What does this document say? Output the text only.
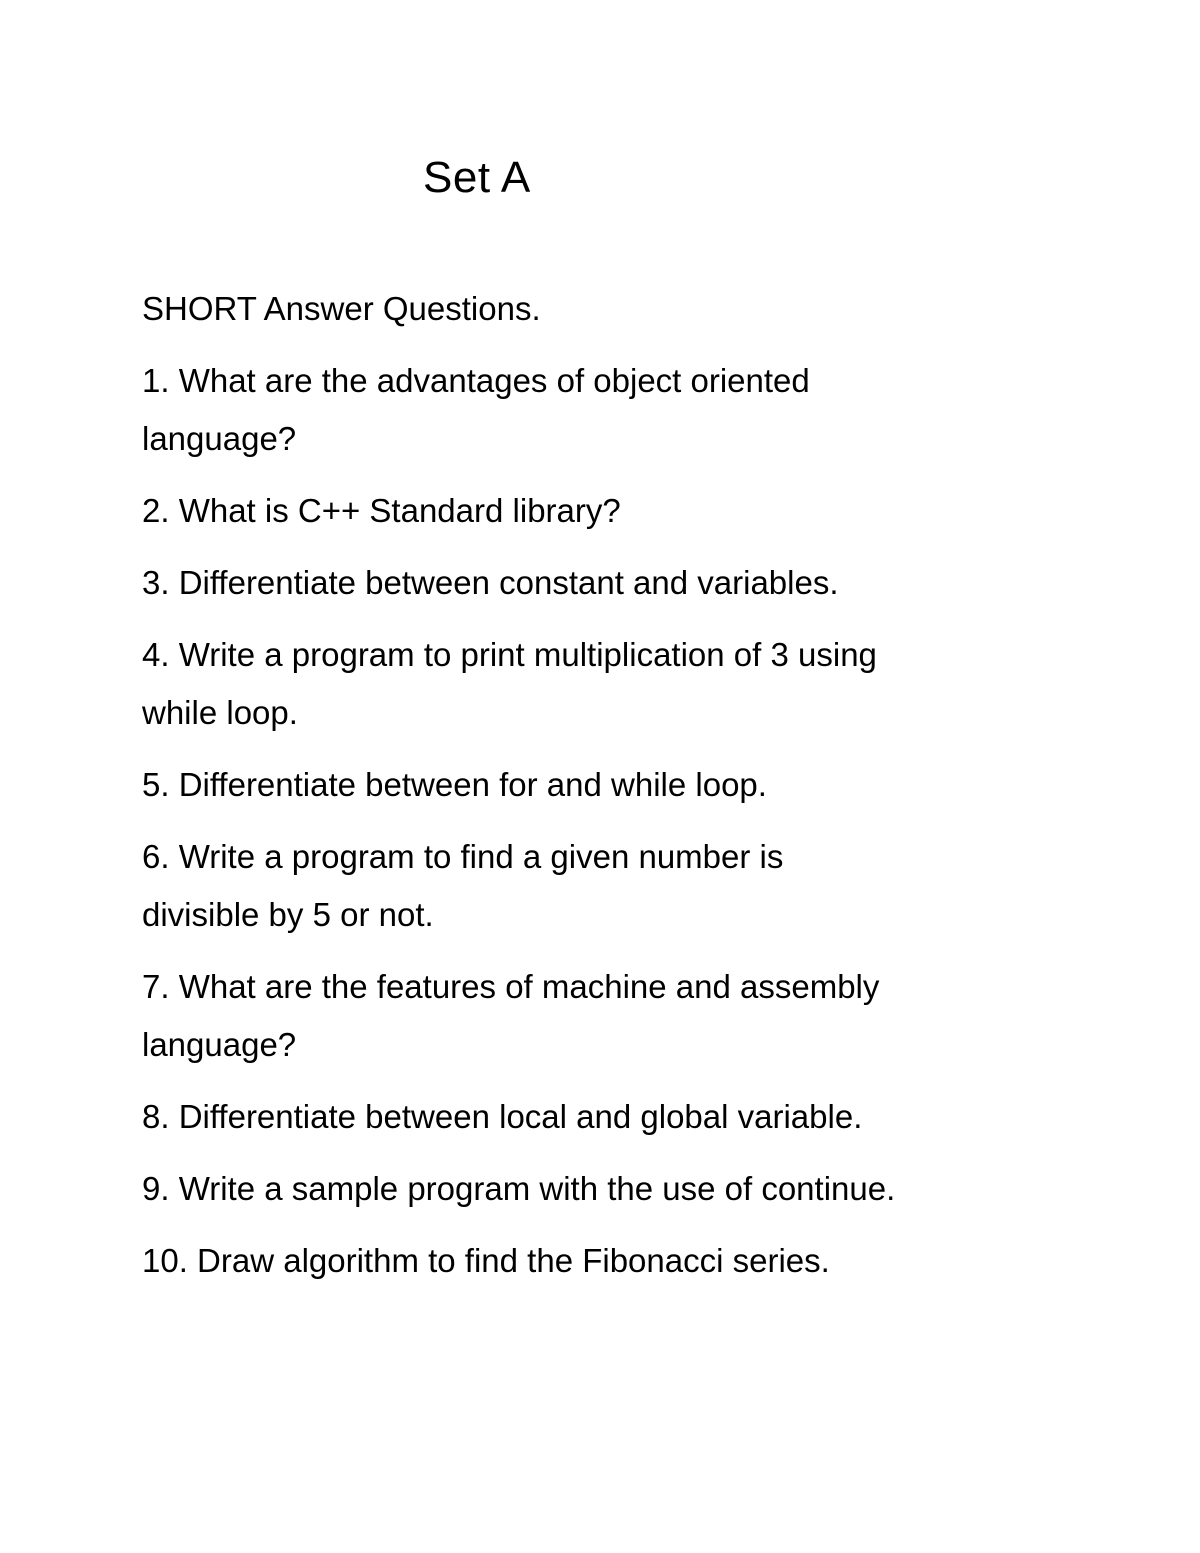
Set A
SHORT Answer Questions.
1. What are the advantages of object oriented
language?
2. What is C++ Standard library?
3. Differentiate between constant and variables.
4. Write a program to print multiplication of 3 using
while loop.
5. Differentiate between for and while loop.
6. Write a program to find a given number is
divisible by 5 or not.
7. What are the features of machine and assembly
language?
8. Differentiate between local and global variable.
9. Write a sample program with the use of continue.
10. Draw algorithm to find the Fibonacci series.
